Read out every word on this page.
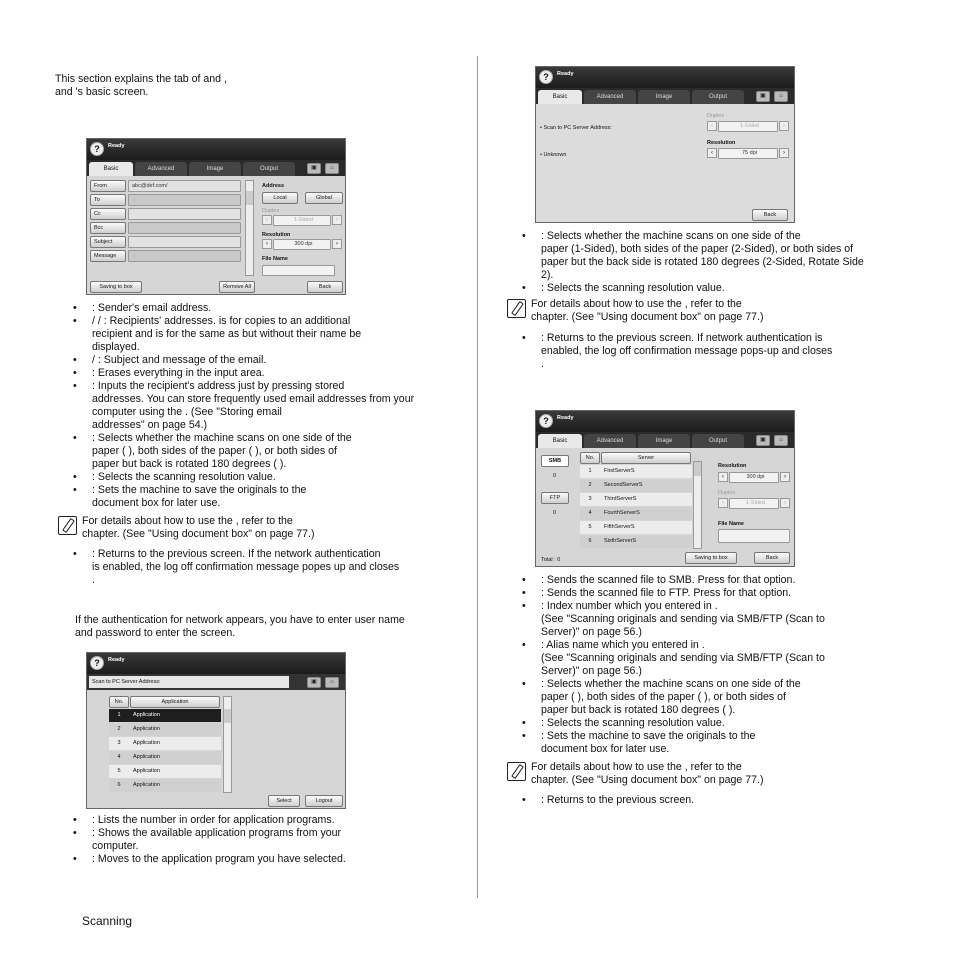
This section explains the tab of and ,

and 's basic screen.

?	Ready
Basic	Advanced	Image	Output	▣	⌂
From	abc@def.com/
To
Cc
Bcc
Subject
Message
Address
Local	Global
Duplex
‹	1-Sided	›
Resolution
‹	300 dpi	›
File Name
Saving to box	Remove All	Back
• : Sender's email address.
• / / : Recipients' addresses. is for copies to an additional
recipient and is for the same as but without their name be
displayed.
• / : Subject and message of the email.
• : Erases everything in the input area.
• : Inputs the recipient's address just by pressing stored
addresses. You can store frequently used email addresses from your
computer using the . (See "Storing email
addresses" on page 54.)
• : Selects whether the machine scans on one side of the
paper ( ), both sides of the paper ( ), or both sides of
paper but back is rotated 180 degrees ( ).
• : Selects the scanning resolution value.
• : Sets the machine to save the originals to the
document box for later use.
For details about how to use the , refer to the
chapter. (See "Using document box" on page 77.)
• : Returns to the previous screen. If the network authentication
is enabled, the log off confirmation message popes up and closes
.

If the authentication for network appears, you have to enter user name

and password to enter the screen.

?	Ready
Scan to PC Server Address:	▣	⌂
No.	Application
1	Application
2	Application
3	Application
4	Application
5	Application
6	Application
Select	Logout
• : Lists the number in order for application programs.
• : Shows the available application programs from your
computer.
• : Moves to the application program you have selected.

Scanning

?	Ready
Basic	Advanced	Image	Output	▣	⌂
• Scan to PC Server Address:
• Unknown
Duplex
‹	1-Sided	›
Resolution
‹	75 dpi	›
Back
• : Selects whether the machine scans on one side of the
paper (1-Sided), both sides of the paper (2-Sided), or both sides of
paper but the back side is rotated 180 degrees (2-Sided, Rotate Side
2).
• : Selects the scanning resolution value.
For details about how to use the , refer to the
chapter. (See "Using document box" on page 77.)
• : Returns to the previous screen. If network authentication is
enabled, the log off confirmation message pops-up and closes
.
?	Ready
Basic	Advanced	Image	Output	▣	⌂
SMB
0
FTP
0
No.	Server
1	FirstServerS
2	SecondServerS
3	ThirdServerS
4	FourthServerS
5	FifthServerS
6	SixthServerS
Resolution
‹	300 dpi	›
Duplex
‹	1-Sided	›
File Name
Total : 0	Saving to box	Back
• : Sends the scanned file to SMB. Press for that option.
• : Sends the scanned file to FTP. Press for that option.
• : Index number which you entered in .
(See "Scanning originals and sending via SMB/FTP (Scan to
Server)" on page 56.)
• : Alias name which you entered in .
(See "Scanning originals and sending via SMB/FTP (Scan to
Server)" on page 56.)
• : Selects whether the machine scans on one side of the
paper ( ), both sides of the paper ( ), or both sides of
paper but back is rotated 180 degrees ( ).
• : Selects the scanning resolution value.
• : Sets the machine to save the originals to the
document box for later use.
For details about how to use the , refer to the
chapter. (See "Using document box" on page 77.)
• : Returns to the previous screen.
